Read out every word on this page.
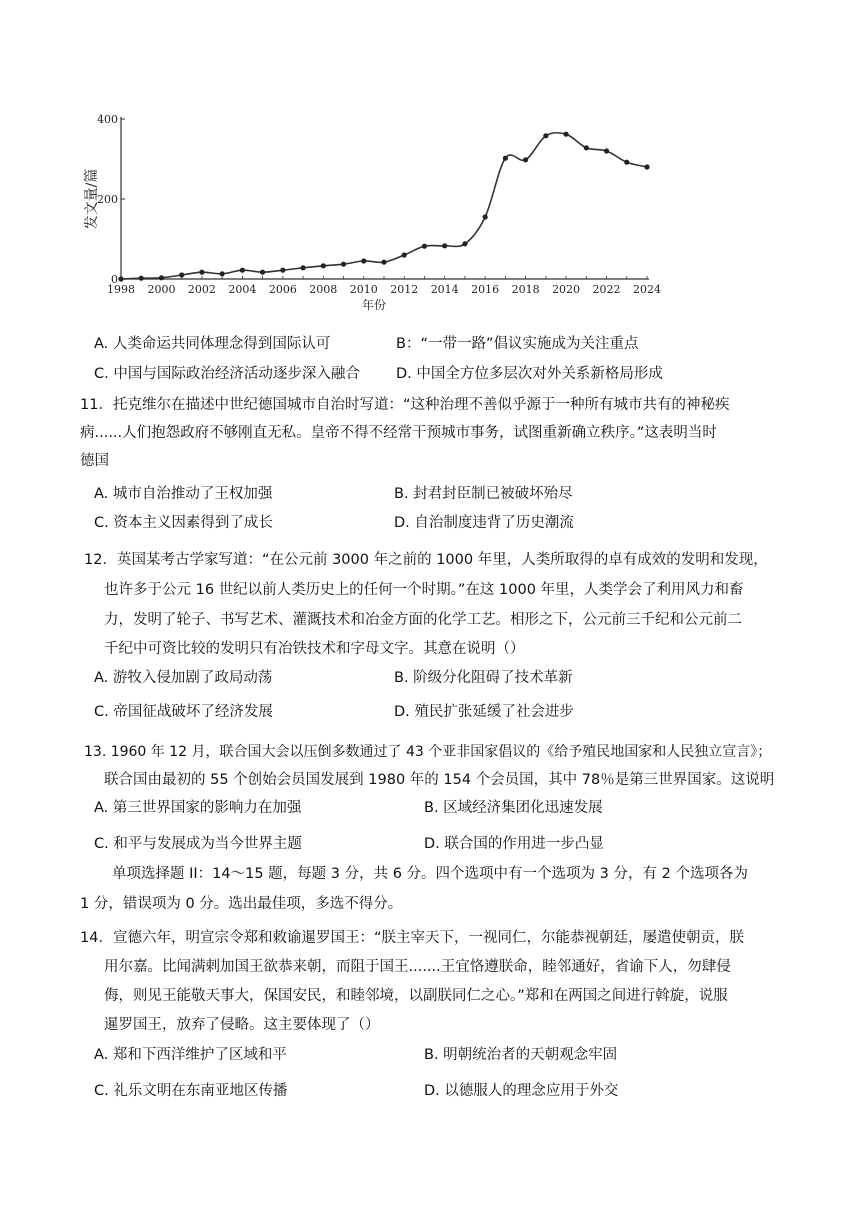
0
200
400
1998 2000 2002 2004 2006 2008 2010 2012 2014 2016 2018 2020 2022 2024
发文量/篇
年份
A. 人类命运共同体理念得到国际认可	B：“一带一路”倡议实施成为关注重点
C. 中国与国际政治经济活动逐步深入融合 D. 中国全方位多层次对外关系新格局形成
11．托克维尔在描述中世纪德国城市自治时写道：“这种治理不善似乎源于一种所有城市共有的神秘疾
病......人们抱怨政府不够刚直无私。皇帝不得不经常干预城市事务，试图重新确立秩序。”这表明当时
德国
A. 城市自治推动了王权加强	B. 封君封臣制已被破坏殆尽
C. 资本主义因素得到了成长	D. 自治制度违背了历史潮流
12．英国某考古学家写道：“在公元前 3000 年之前的 1000 年里，人类所取得的卓有成效的发明和发现，
也许多于公元 16 世纪以前人类历史上的任何一个时期。”在这 1000 年里，人类学会了利用风力和畜
力，发明了轮子、书写艺术、灌溉技术和冶金方面的化学工艺。相形之下，公元前三千纪和公元前二
千纪中可资比较的发明只有冶铁技术和字母文字。其意在说明（）
A. 游牧入侵加剧了政局动荡	B. 阶级分化阻碍了技术革新
C. 帝国征战破坏了经济发展	D. 殖民扩张延缓了社会进步
13. 1960 年 12 月，联合国大会以压倒多数通过了 43 个亚非国家倡议的《给予殖民地国家和人民独立宣言》；
联合国由最初的 55 个创始会员国发展到 1980 年的 154 个会员国，其中 78％是第三世界国家。这说明
A. 第三世界国家的影响力在加强	B. 区域经济集团化迅速发展
C. 和平与发展成为当今世界主题	D. 联合国的作用进一步凸显
单项选择题 II：14～15 题，每题 3 分，共 6 分。四个选项中有一个选项为 3 分，有 2 个选项各为
1 分，错误项为 0 分。选出最佳项，多选不得分。
14．宣德六年，明宣宗令郑和敕谕暹罗国王：“朕主宰天下，一视同仁，尔能恭视朝廷，屡遣使朝贡，朕
用尔嘉。比闻满剌加国王欲恭来朝，而阻于国王.......王宜恪遵朕命，睦邻通好，省谕下人，勿肆侵
侮，则见王能敬天事大，保国安民，和睦邻境，以副朕同仁之心。”郑和在两国之间进行斡旋，说服
暹罗国王，放弃了侵略。这主要体现了（）
A. 郑和下西洋维护了区域和平	B. 明朝统治者的天朝观念牢固
C. 礼乐文明在东南亚地区传播	D. 以德服人的理念应用于外交
